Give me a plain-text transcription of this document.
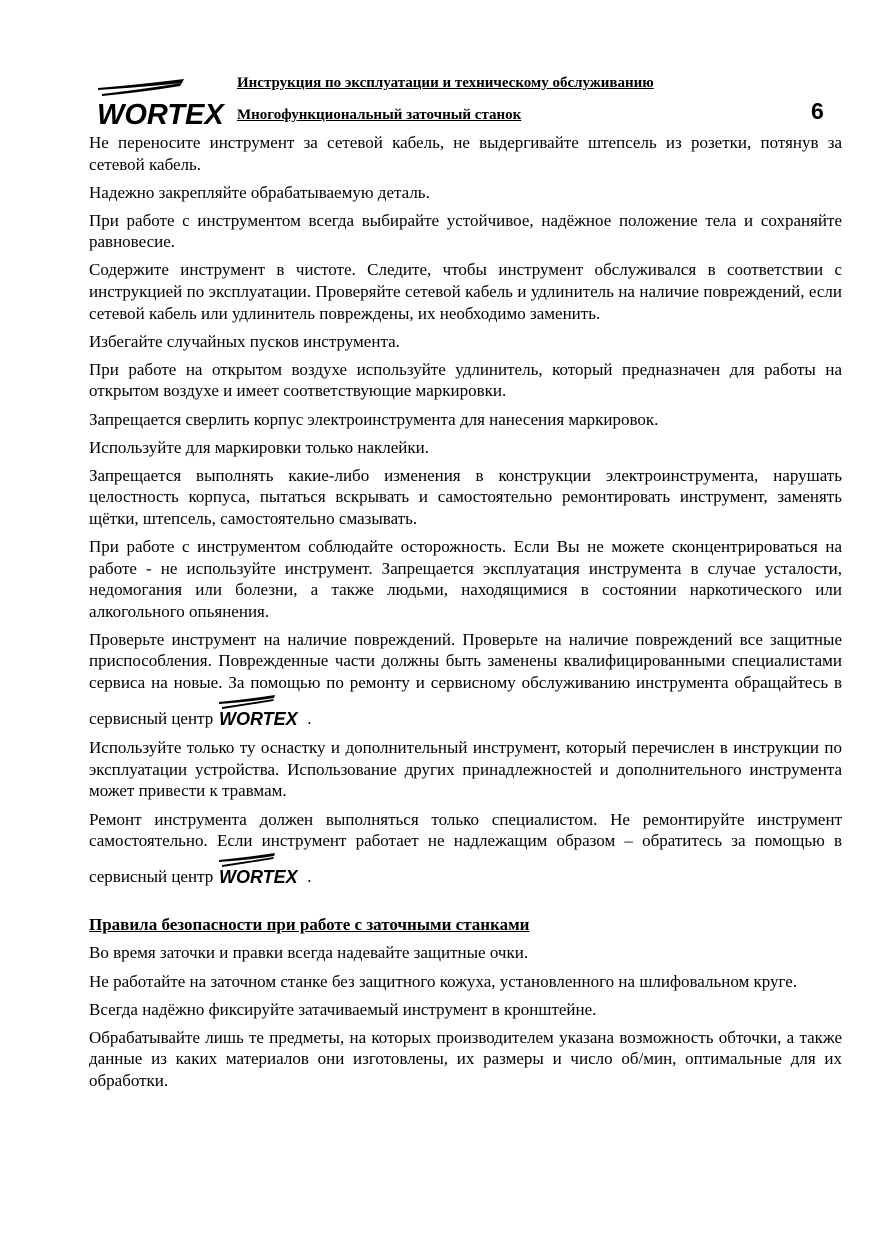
WORTEX
Инструкция по эксплуатации и техническому обслуживанию
Многофункциональный заточный станок	6

Не переносите инструмент за сетевой кабель, не выдергивайте штепсель из розетки, потянув за сетевой кабель.

Надежно закрепляйте обрабатываемую деталь.

При работе с инструментом всегда выбирайте устойчивое, надёжное положение тела и сохраняйте равновесие.

Содержите инструмент в чистоте. Следите, чтобы инструмент обслуживался в соответствии с инструкцией по эксплуатации. Проверяйте сетевой кабель и удлинитель на наличие повреждений, если сетевой кабель или удлинитель повреждены, их необходимо заменить.

Избегайте случайных пусков инструмента.

При работе на открытом воздухе используйте удлинитель, который предназначен для работы на открытом воздухе и имеет соответствующие маркировки.

Запрещается сверлить корпус электроинструмента для нанесения маркировок.

Используйте для маркировки только наклейки.

Запрещается выполнять какие-либо изменения в конструкции электроинструмента, нарушать целостность корпуса, пытаться вскрывать и самостоятельно ремонтировать инструмент, заменять щётки, штепсель, самостоятельно смазывать.

При работе с инструментом соблюдайте осторожность. Если Вы не можете сконцентрироваться на работе - не используйте инструмент. Запрещается эксплуатация инструмента в случае усталости, недомогания или болезни, а также людьми, находящимися в состоянии наркотического или алкогольного опьянения.

Проверьте инструмент на наличие повреждений. Проверьте на наличие повреждений все защитные приспособления. Поврежденные части должны быть заменены квалифицированными специалистами сервиса на новые. За помощью по ремонту и сервисному обслуживанию инструмента обращайтесь в сервисный центр WORTEX .

Используйте только ту оснастку и дополнительный инструмент, который перечислен в инструкции по эксплуатации устройства. Использование других принадлежностей и дополнительного инструмента может привести к травмам.

Ремонт инструмента должен выполняться только специалистом. Не ремонтируйте инструмент самостоятельно. Если инструмент работает не надлежащим образом – обратитесь за помощью в сервисный центр WORTEX .

Правила безопасности при работе с заточными станками

Во время заточки и правки всегда надевайте защитные очки.

Не работайте на заточном станке без защитного кожуха, установленного на шлифовальном круге.

Всегда надёжно фиксируйте затачиваемый инструмент в кронштейне.

Обрабатывайте лишь те предметы, на которых производителем указана возможность обточки, а также данные из каких материалов они изготовлены, их размеры и число об/мин, оптимальные для их обработки.
